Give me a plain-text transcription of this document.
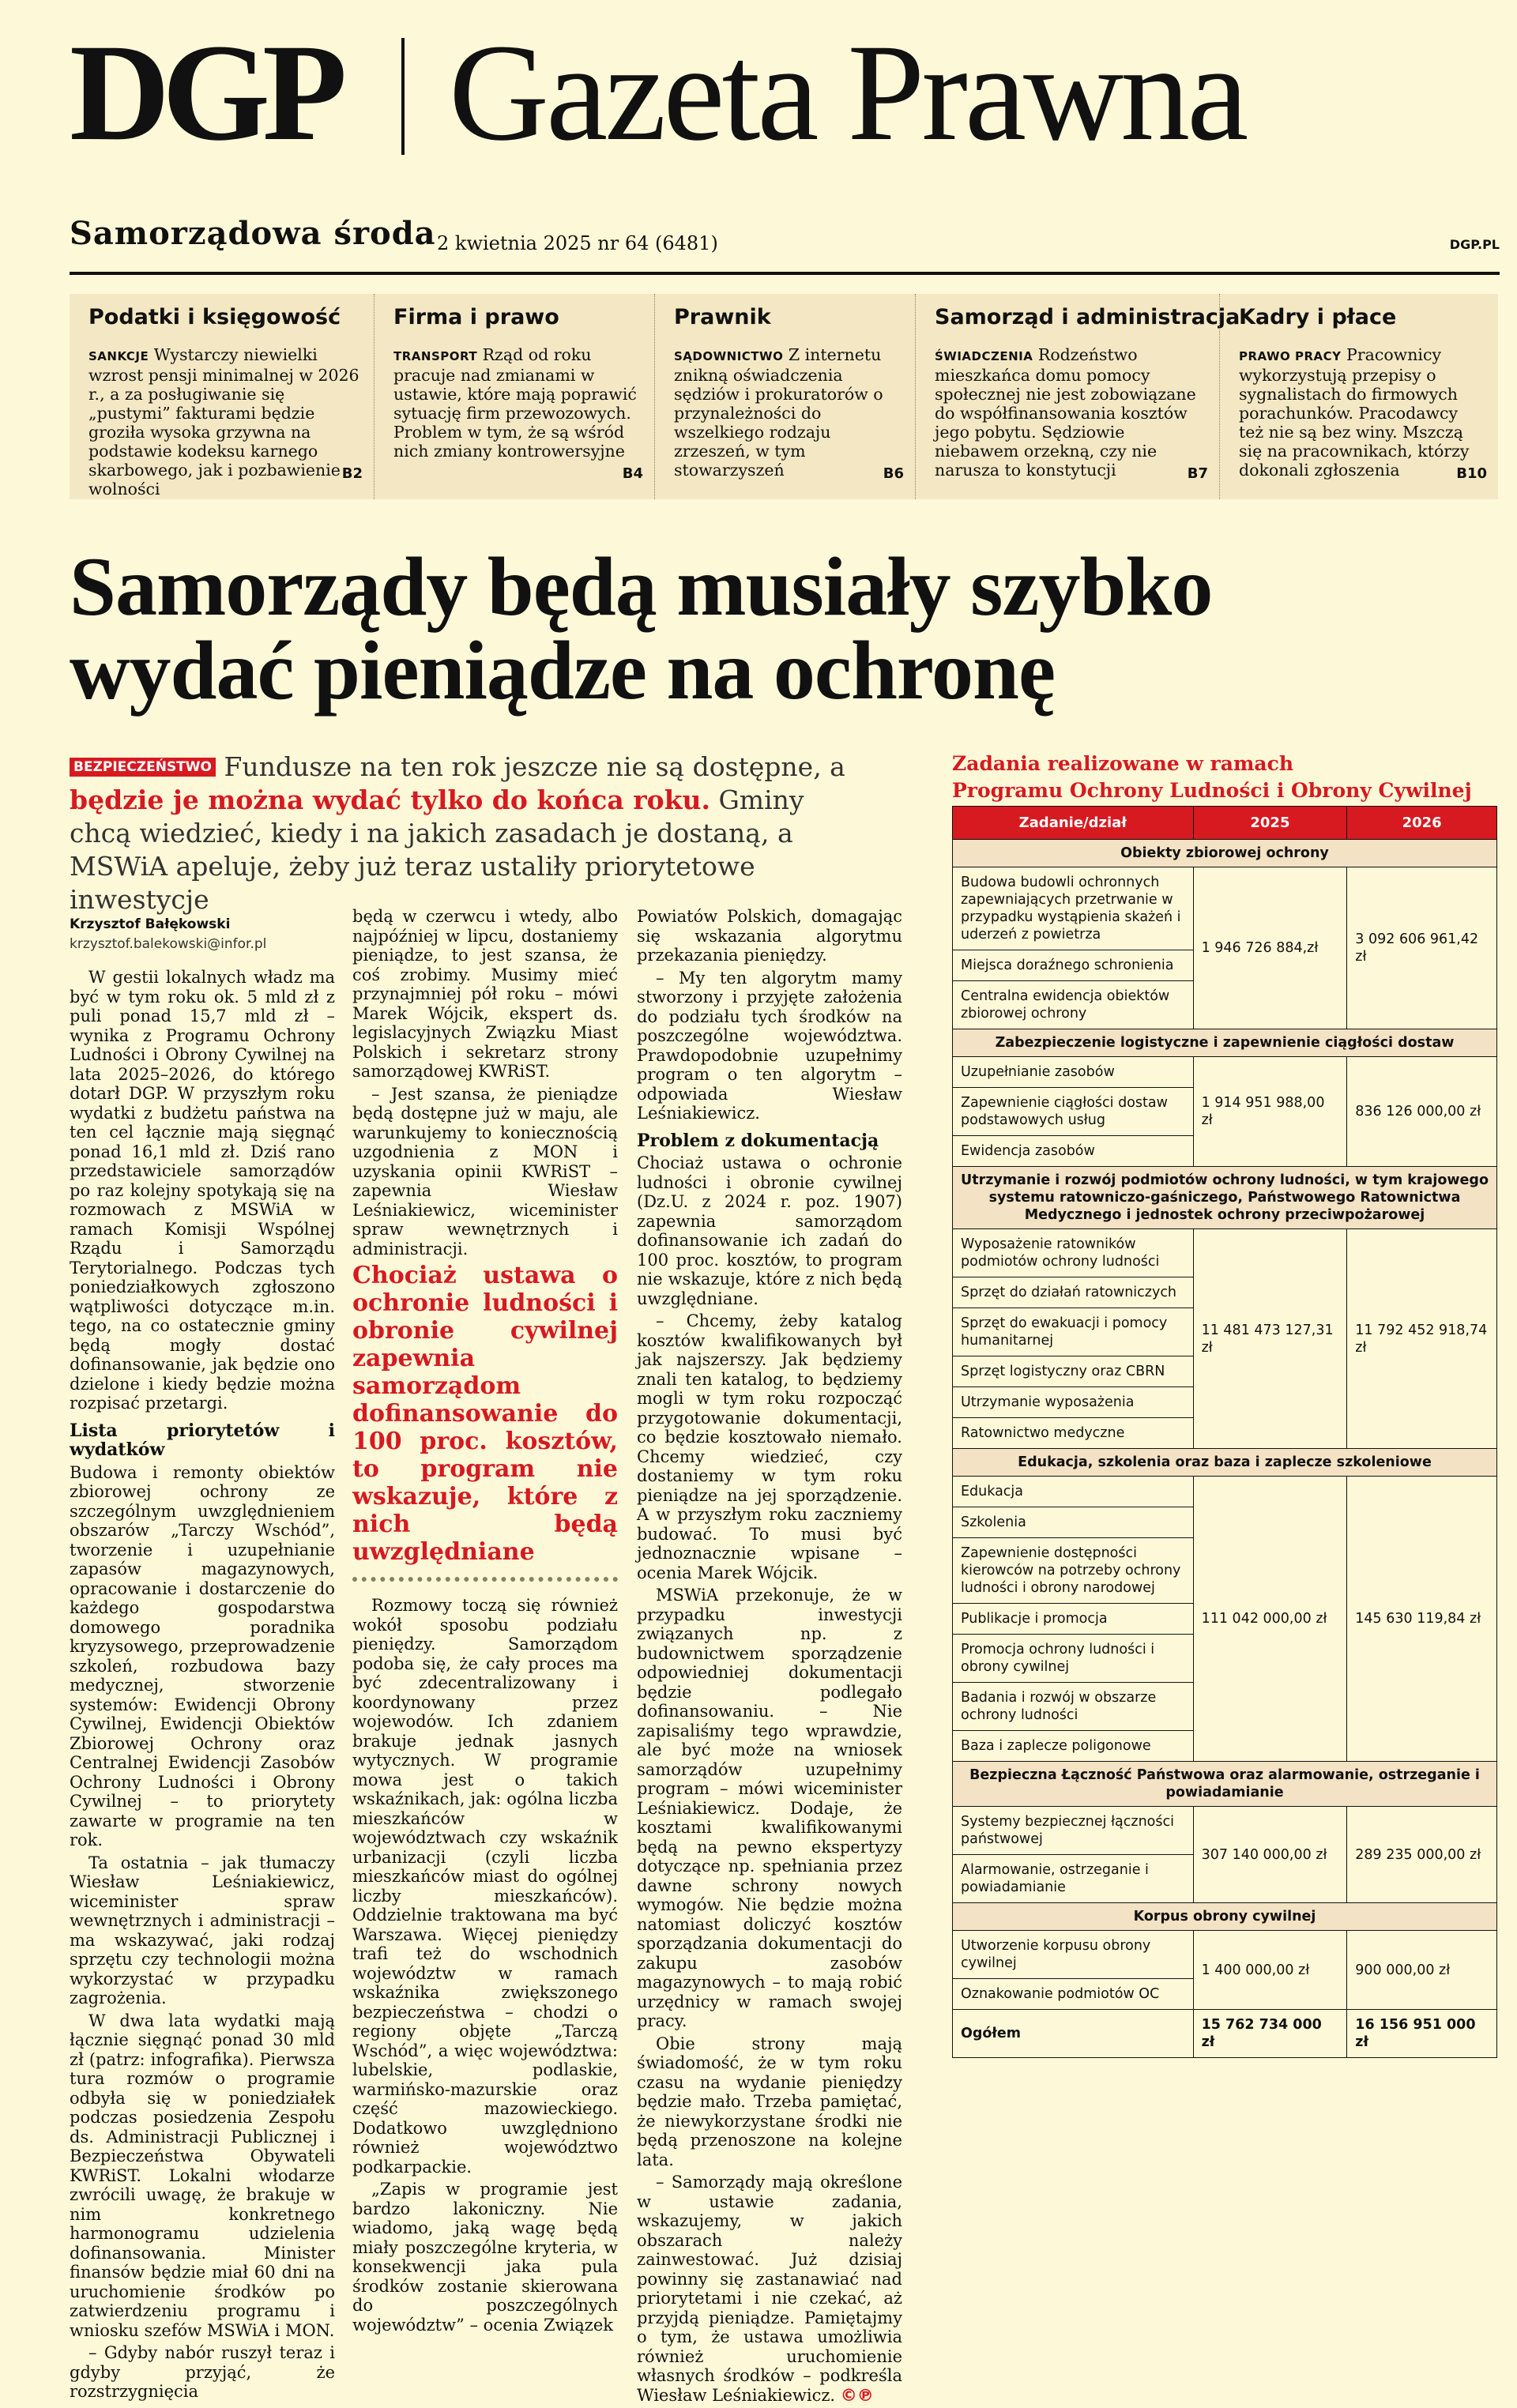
DGP Gazeta Prawna
Samorządowa środa 2 kwietnia 2025 nr 64 (6481)	DGP.PL
Podatki i księgowość
SANKCJE Wystarczy niewielki wzrost pensji minimalnej w 2026 r., a za posługiwanie się „pustymi” fakturami będzie groziła wysoka grzywna na podstawie kodeksu karnego skarbowego, jak i pozbawienie wolności
B2
Firma i prawo
TRANSPORT Rząd od roku pracuje nad zmianami w ustawie, które mają poprawić sytuację firm przewozowych. Problem w tym, że są wśród nich zmiany kontrowersyjne
B4
Prawnik
SĄDOWNICTWO Z internetu znikną oświadczenia sędziów i prokuratorów o przynależności do wszelkiego rodzaju zrzeszeń, w tym stowarzyszeń	B6
Samorząd i administracja
ŚWIADCZENIA Rodzeństwo mieszkańca domu pomocy społecznej nie jest zobowiązane do współfinansowania kosztów jego pobytu. Sędziowie niebawem orzekną, czy nie narusza to konstytucji	B7
Kadry i płace
PRAWO PRACY Pracownicy wykorzystują przepisy o sygnalistach do firmowych porachunków. Pracodawcy też nie są bez winy. Mszczą się na pracownikach, którzy dokonali zgłoszenia	B10
Samorządy będą musiały szybko
wydać pieniądze na ochronę
BEZPIECZEŃSTWO Fundusze na ten rok jeszcze nie są dostępne, a będzie je można wydać tylko do końca roku. Gminy chcą wiedzieć, kiedy i na jakich zasadach je dostaną, a MSWiA apeluje, żeby już teraz ustaliły priorytetowe inwestycje
Krzysztof Bałękowski
krzysztof.balekowski@infor.pl

W gestii lokalnych władz ma być w tym roku ok. 5 mld zł z puli ponad 15,7 mld zł – wynika z Programu Ochrony Ludności i Obrony Cywilnej na lata 2025–2026, do którego dotarł DGP. W przyszłym roku wydatki z budżetu państwa na ten cel łącznie mają sięgnąć ponad 16,1 mld zł. Dziś rano przedstawiciele samorządów po raz kolejny spotykają się na rozmowach z MSWiA w ramach Komisji Wspólnej Rządu i Samorządu Terytorialnego. Podczas tych poniedziałkowych zgłoszono wątpliwości dotyczące m.in. tego, na co ostatecznie gminy będą mogły dostać dofinansowanie, jak będzie ono dzielone i kiedy będzie można rozpisać przetargi.

Lista priorytetów i wydatków

Budowa i remonty obiektów zbiorowej ochrony ze szczególnym uwzględnieniem obszarów „Tarczy Wschód”, tworzenie i uzupełnianie zapasów magazynowych, opracowanie i dostarczenie do każdego gospodarstwa domowego poradnika kryzysowego, przeprowadzenie szkoleń, rozbudowa bazy medycznej, stworzenie systemów: Ewidencji Obrony Cywilnej, Ewidencji Obiektów Zbiorowej Ochrony oraz Centralnej Ewidencji Zasobów Ochrony Ludności i Obrony Cywilnej – to priorytety zawarte w programie na ten rok.

Ta ostatnia – jak tłumaczy Wiesław Leśniakiewicz, wiceminister spraw wewnętrznych i administracji – ma wskazywać, jaki rodzaj sprzętu czy technologii można wykorzystać w przypadku zagrożenia.

W dwa lata wydatki mają łącznie sięgnąć ponad 30 mld zł (patrz: infografika). Pierwsza tura rozmów o programie odbyła się w poniedziałek podczas posiedzenia Zespołu ds. Administracji Publicznej i Bezpieczeństwa Obywateli KWRiST. Lokalni włodarze zwrócili uwagę, że brakuje w nim konkretnego harmonogramu udzielenia dofinansowania. Minister finansów będzie miał 60 dni na uruchomienie środków po zatwierdzeniu programu i wniosku szefów MSWiA i MON.

– Gdyby nabór ruszył teraz i gdyby przyjąć, że rozstrzygnięcia

będą w czerwcu i wtedy, albo najpóźniej w lipcu, dostaniemy pieniądze, to jest szansa, że coś zrobimy. Musimy mieć przynajmniej pół roku – mówi Marek Wójcik, ekspert ds. legislacyjnych Związku Miast Polskich i sekretarz strony samorządowej KWRiST.

– Jest szansa, że pieniądze będą dostępne już w maju, ale warunkujemy to koniecznością uzgodnienia z MON i uzyskania opinii KWRiST – zapewnia Wiesław Leśniakiewicz, wiceminister spraw wewnętrznych i administracji.

Chociaż ustawa o ochronie ludności i obronie cywilnej zapewnia samorządom dofinansowanie do 100 proc. kosztów, to program nie wskazuje, które z nich będą uwzględniane

Rozmowy toczą się również wokół sposobu podziału pieniędzy. Samorządom podoba się, że cały proces ma być zdecentralizowany i koordynowany przez wojewodów. Ich zdaniem brakuje jednak jasnych wytycznych. W programie mowa jest o takich wskaźnikach, jak: ogólna liczba mieszkańców w województwach czy wskaźnik urbanizacji (czyli liczba mieszkańców miast do ogólnej liczby mieszkańców). Oddzielnie traktowana ma być Warszawa. Więcej pieniędzy trafi też do wschodnich województw w ramach wskaźnika zwiększonego bezpieczeństwa – chodzi o regiony objęte „Tarczą Wschód”, a więc województwa: lubelskie, podlaskie, warmińsko-mazurskie oraz część mazowieckiego. Dodatkowo uwzględniono również województwo podkarpackie.

„Zapis w programie jest bardzo lakoniczny. Nie wiadomo, jaką wagę będą miały poszczególne kryteria, w konsekwencji jaka pula środków zostanie skierowana do poszczególnych województw” – ocenia Związek

Powiatów Polskich, domagając się wskazania algorytmu przekazania pieniędzy.

– My ten algorytm mamy stworzony i przyjęte założenia do podziału tych środków na poszczególne województwa. Prawdopodobnie uzupełnimy program o ten algorytm – odpowiada Wiesław Leśniakiewicz.

Problem z dokumentacją

Chociaż ustawa o ochronie ludności i obronie cywilnej (Dz.U. z 2024 r. poz. 1907) zapewnia samorządom dofinansowanie ich zadań do 100 proc. kosztów, to program nie wskazuje, które z nich będą uwzględniane.

– Chcemy, żeby katalog kosztów kwalifikowanych był jak najszerszy. Jak będziemy znali ten katalog, to będziemy mogli w tym roku rozpocząć przygotowanie dokumentacji, co będzie kosztowało niemało. Chcemy wiedzieć, czy dostaniemy w tym roku pieniądze na jej sporządzenie. A w przyszłym roku zaczniemy budować. To musi być jednoznacznie wpisane – ocenia Marek Wójcik.

MSWiA przekonuje, że w przypadku inwestycji związanych np. z budownictwem sporządzenie odpowiedniej dokumentacji będzie podlegało dofinansowaniu. – Nie zapisaliśmy tego wprawdzie, ale być może na wniosek samorządów uzupełnimy program – mówi wiceminister Leśniakiewicz. Dodaje, że kosztami kwalifikowanymi będą na pewno ekspertyzy dotyczące np. spełniania przez dawne schrony nowych wymogów. Nie będzie można natomiast doliczyć kosztów sporządzania dokumentacji do zakupu zasobów magazynowych – to mają robić urzędnicy w ramach swojej pracy.

Obie strony mają świadomość, że w tym roku czasu na wydanie pieniędzy będzie mało. Trzeba pamiętać, że niewykorzystane środki nie będą przenoszone na kolejne lata.

– Samorządy mają określone w ustawie zadania, wskazujemy, w jakich obszarach należy zainwestować. Już dzisiaj powinny się zastanawiać nad priorytetami i nie czekać, aż przyjdą pieniądze. Pamiętajmy o tym, że ustawa umożliwia również uruchomienie własnych środków – podkreśla Wiesław Leśniakiewicz. ©℗

Zadania realizowane w ramach
Programu Ochrony Ludności i Obrony Cywilnej
Zadanie/dział	2025	2026
Obiekty zbiorowej ochrony		
Budowa budowli ochronnych zapewniających przetrwanie w przypadku wystąpienia skażeń i uderzeń z powietrza	1 946 726 884,zł	3 092 606 961,42 zł
Miejsca doraźnego schronienia		
Centralna ewidencja obiektów zbiorowej ochrony		
Zabezpieczenie logistyczne i zapewnienie ciągłości dostaw		
Uzupełnianie zasobów	1 914 951 988,00 zł	836 126 000,00 zł
Zapewnienie ciągłości dostaw podstawowych usług		
Ewidencja zasobów		
Utrzymanie i rozwój podmiotów ochrony ludności, w tym krajowego systemu ratowniczo-gaśniczego, Państwowego Ratownictwa Medycznego i jednostek ochrony przeciwpożarowej		
Wyposażenie ratowników podmiotów ochrony ludności	11 481 473 127,31 zł	11 792 452 918,74 zł
Sprzęt do działań ratowniczych		
Sprzęt do ewakuacji i pomocy humanitarnej		
Sprzęt logistyczny oraz CBRN		
Utrzymanie wyposażenia		
Ratownictwo medyczne		
Edukacja, szkolenia oraz baza i zaplecze szkoleniowe		
Edukacja	111 042 000,00 zł	145 630 119,84 zł
Szkolenia		
Zapewnienie dostępności kierowców na potrzeby ochrony ludności i obrony narodowej		
Publikacje i promocja		
Promocja ochrony ludności i obrony cywilnej		
Badania i rozwój w obszarze ochrony ludności		
Baza i zaplecze poligonowe		
Bezpieczna Łączność Państwowa oraz alarmowanie, ostrzeganie i powiadamianie		
Systemy bezpiecznej łączności państwowej	307 140 000,00 zł	289 235 000,00 zł
Alarmowanie, ostrzeganie i powiadamianie		
Korpus obrony cywilnej		
Utworzenie korpusu obrony cywilnej	1 400 000,00 zł	900 000,00 zł
Oznakowanie podmiotów OC		
Ogółem	15 762 734 000 zł	16 156 951 000 zł
